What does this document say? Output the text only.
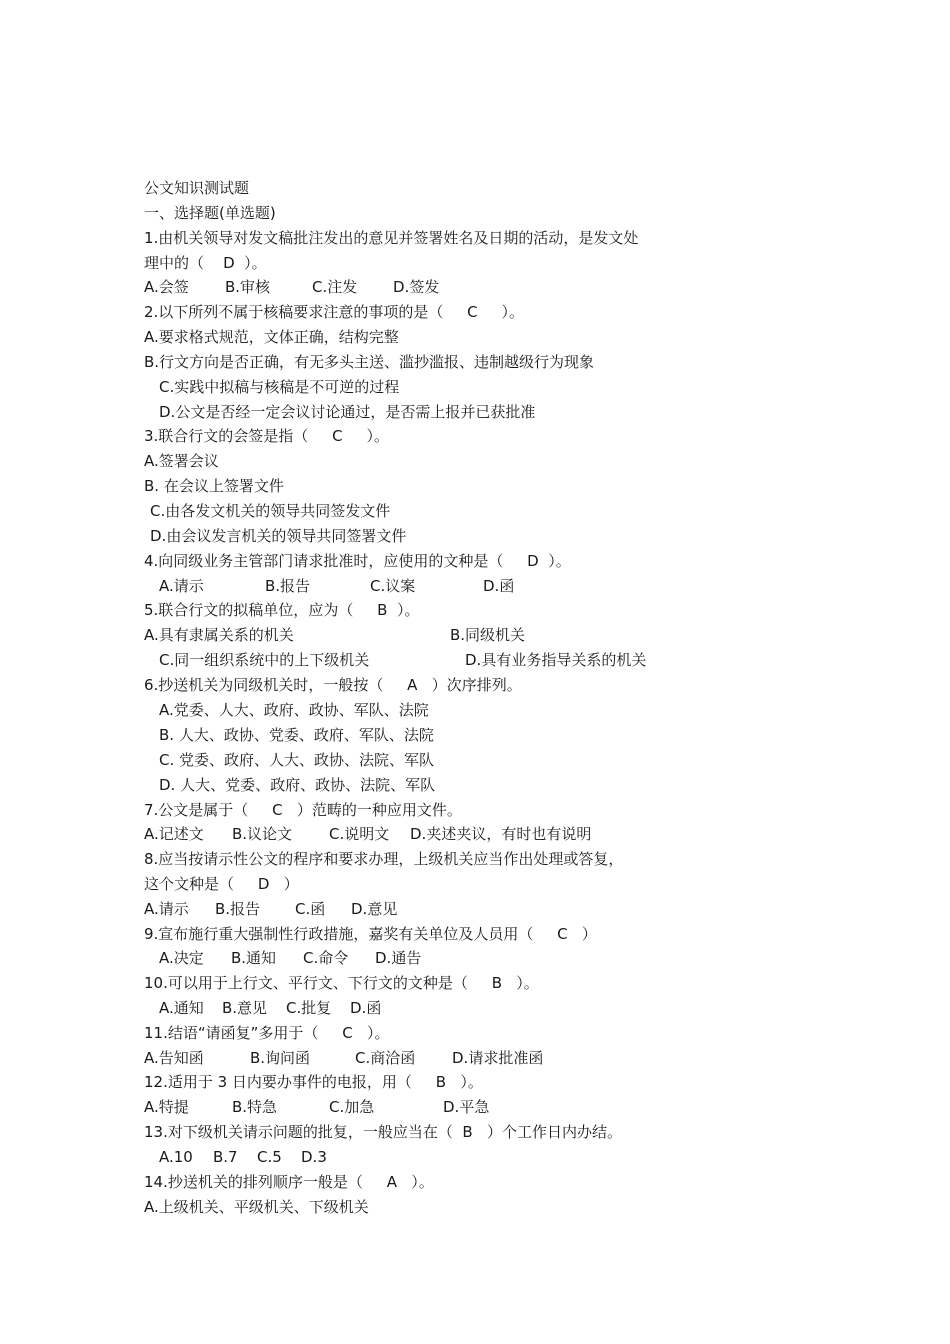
公文知识测试题
一、选择题(单选题)
1.由机关领导对发文稿批注发出的意见并签署姓名及日期的活动，是发文处
理中的（    D  ）。
A.会签 B.审核	C.注发 D.签发
2.以下所列不属于核稿要求注意的事项的是（     C     ）。
A.要求格式规范，文体正确，结构完整
B.行文方向是否正确，有无多头主送、滥抄滥报、违制越级行为现象
C.实践中拟稿与核稿是不可逆的过程
D.公文是否经一定会议讨论通过，是否需上报并已获批准
3.联合行文的会签是指（     C     ）。
A.签署会议
B. 在会议上签署文件
C.由各发文机关的领导共同签发文件
D.由会议发言机关的领导共同签署文件
4.向同级业务主管部门请求批准时，应使用的文种是（     D  ）。
A.请示	B.报告	C.议案	D.函
5.联合行文的拟稿单位，应为（     B  ）。
A.具有隶属关系的机关	B.同级机关
C.同一组织系统中的上下级机关	D.具有业务指导关系的机关
6.抄送机关为同级机关时，一般按（     A   ）次序排列。
A.党委、人大、政府、政协、军队、法院
B. 人大、政协、党委、政府、军队、法院
C. 党委、政府、人大、政协、法院、军队
D. 人大、党委、政府、政协、法院、军队
7.公文是属于（     C   ）范畴的一种应用文件。
A.记述文 B.议论文 C.说明文 D.夹述夹议，有时也有说明
8.应当按请示性公文的程序和要求办理，上级机关应当作出处理或答复，
这个文种是（     D   ）
A.请示 B.报告 C.函 D.意见
9.宣布施行重大强制性行政措施，嘉奖有关单位及人员用（     C   ）
A.决定 B.通知 C.命令 D.通告
10.可以用于上行文、平行文、下行文的文种是（     B   ）。
A.通知 B.意见 C.批复 D.函
11.结语“请函复”多用于（     C   ）。
A.告知函	B.询问函	C.商洽函 D.请求批准函
12.适用于 3 日内要办事件的电报，用（     B   ）。
A.特提	B.特急	C.加急	D.平急
13.对下级机关请示问题的批复，一般应当在（  B   ）个工作日内办结。
A.10 B.7 C.5 D.3
14.抄送机关的排列顺序一般是（     A   ）。
A.上级机关、平级机关、下级机关
